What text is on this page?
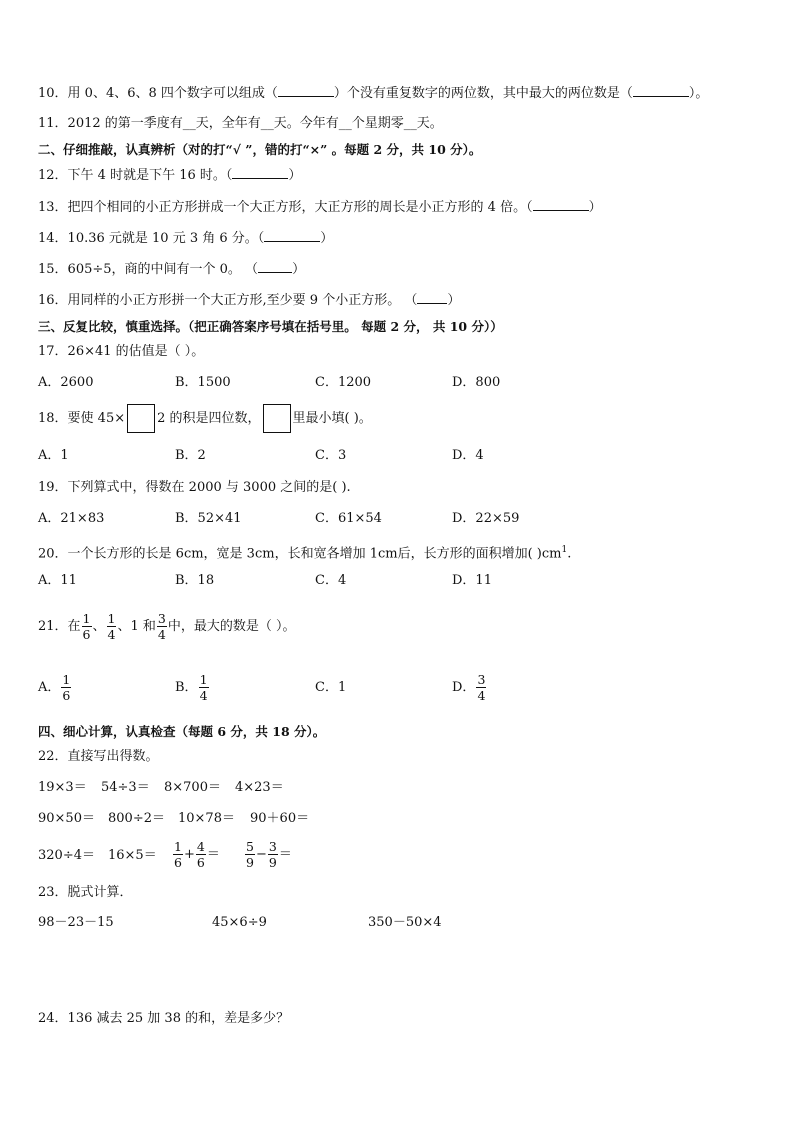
10．用 0、4、6、8 四个数字可以组成（	）个没有重复数字的两位数，其中最大的两位数是（	）。
11．2012 的第一季度有__天，全年有__天。今年有__个星期零__天。
二、仔细推敲，认真辨析（对的打“√ ”，错的打“×” 。每题 2 分，共 10 分）。
12．下午 4 时就是下午 16 时。（	）
13．把四个相同的小正方形拼成一个大正方形，大正方形的周长是小正方形的 4 倍。（	）
14．10.36 元就是 10 元 3 角 6 分。（	）
15．605÷5，商的中间有一个 0。 （	）
16．用同样的小正方形拼一个大正方形,至少要 9 个小正方形。 （ ）
三、反复比较，慎重选择。（把正确答案序号填在括号里。 每题 2 分， 共 10 分））
17．26×41 的估值是（ ）。
A．2600	B．1500	C．1200	D．800
18．要使 45× 2 的积是四位数， 里最小填( )。
A．1	B．2	C．3	D．4
19．下列算式中，得数在 2000 与 3000 之间的是( ).
A．21×83	B．52×41	C．61×54	D．22×59
20．一个长方形的长是 6cm，宽是 3cm，长和宽各增加 1cm后，长方形的面积增加( )$cm^1$.
A．11	B．18	C．4	D．11
21．在 $\frac{1}{6}$ 、 $\frac{1}{4}$ 、1 和 $\frac{3}{4}$ 中，最大的数是（ ）。
A． $\frac{1}{6}$	B． $\frac{1}{4}$	C．1	D． $\frac{3}{4}$
四、细心计算，认真检查（每题 6 分，共 18 分）。
22．直接写出得数。
19×3＝ 54÷3＝ 8×700＝ 4×23＝
90×50＝ 800÷2＝ 10×78＝ 90＋60＝
$320\div 4= 16\times 5= \frac{1}{6} + \frac{4}{6} = \frac{5}{9} - \frac{3}{9}$ ＝
23．脱式计算．
98－23－15	45×6÷9	350－50×4
24．136 减去 25 加 38 的和，差是多少？
